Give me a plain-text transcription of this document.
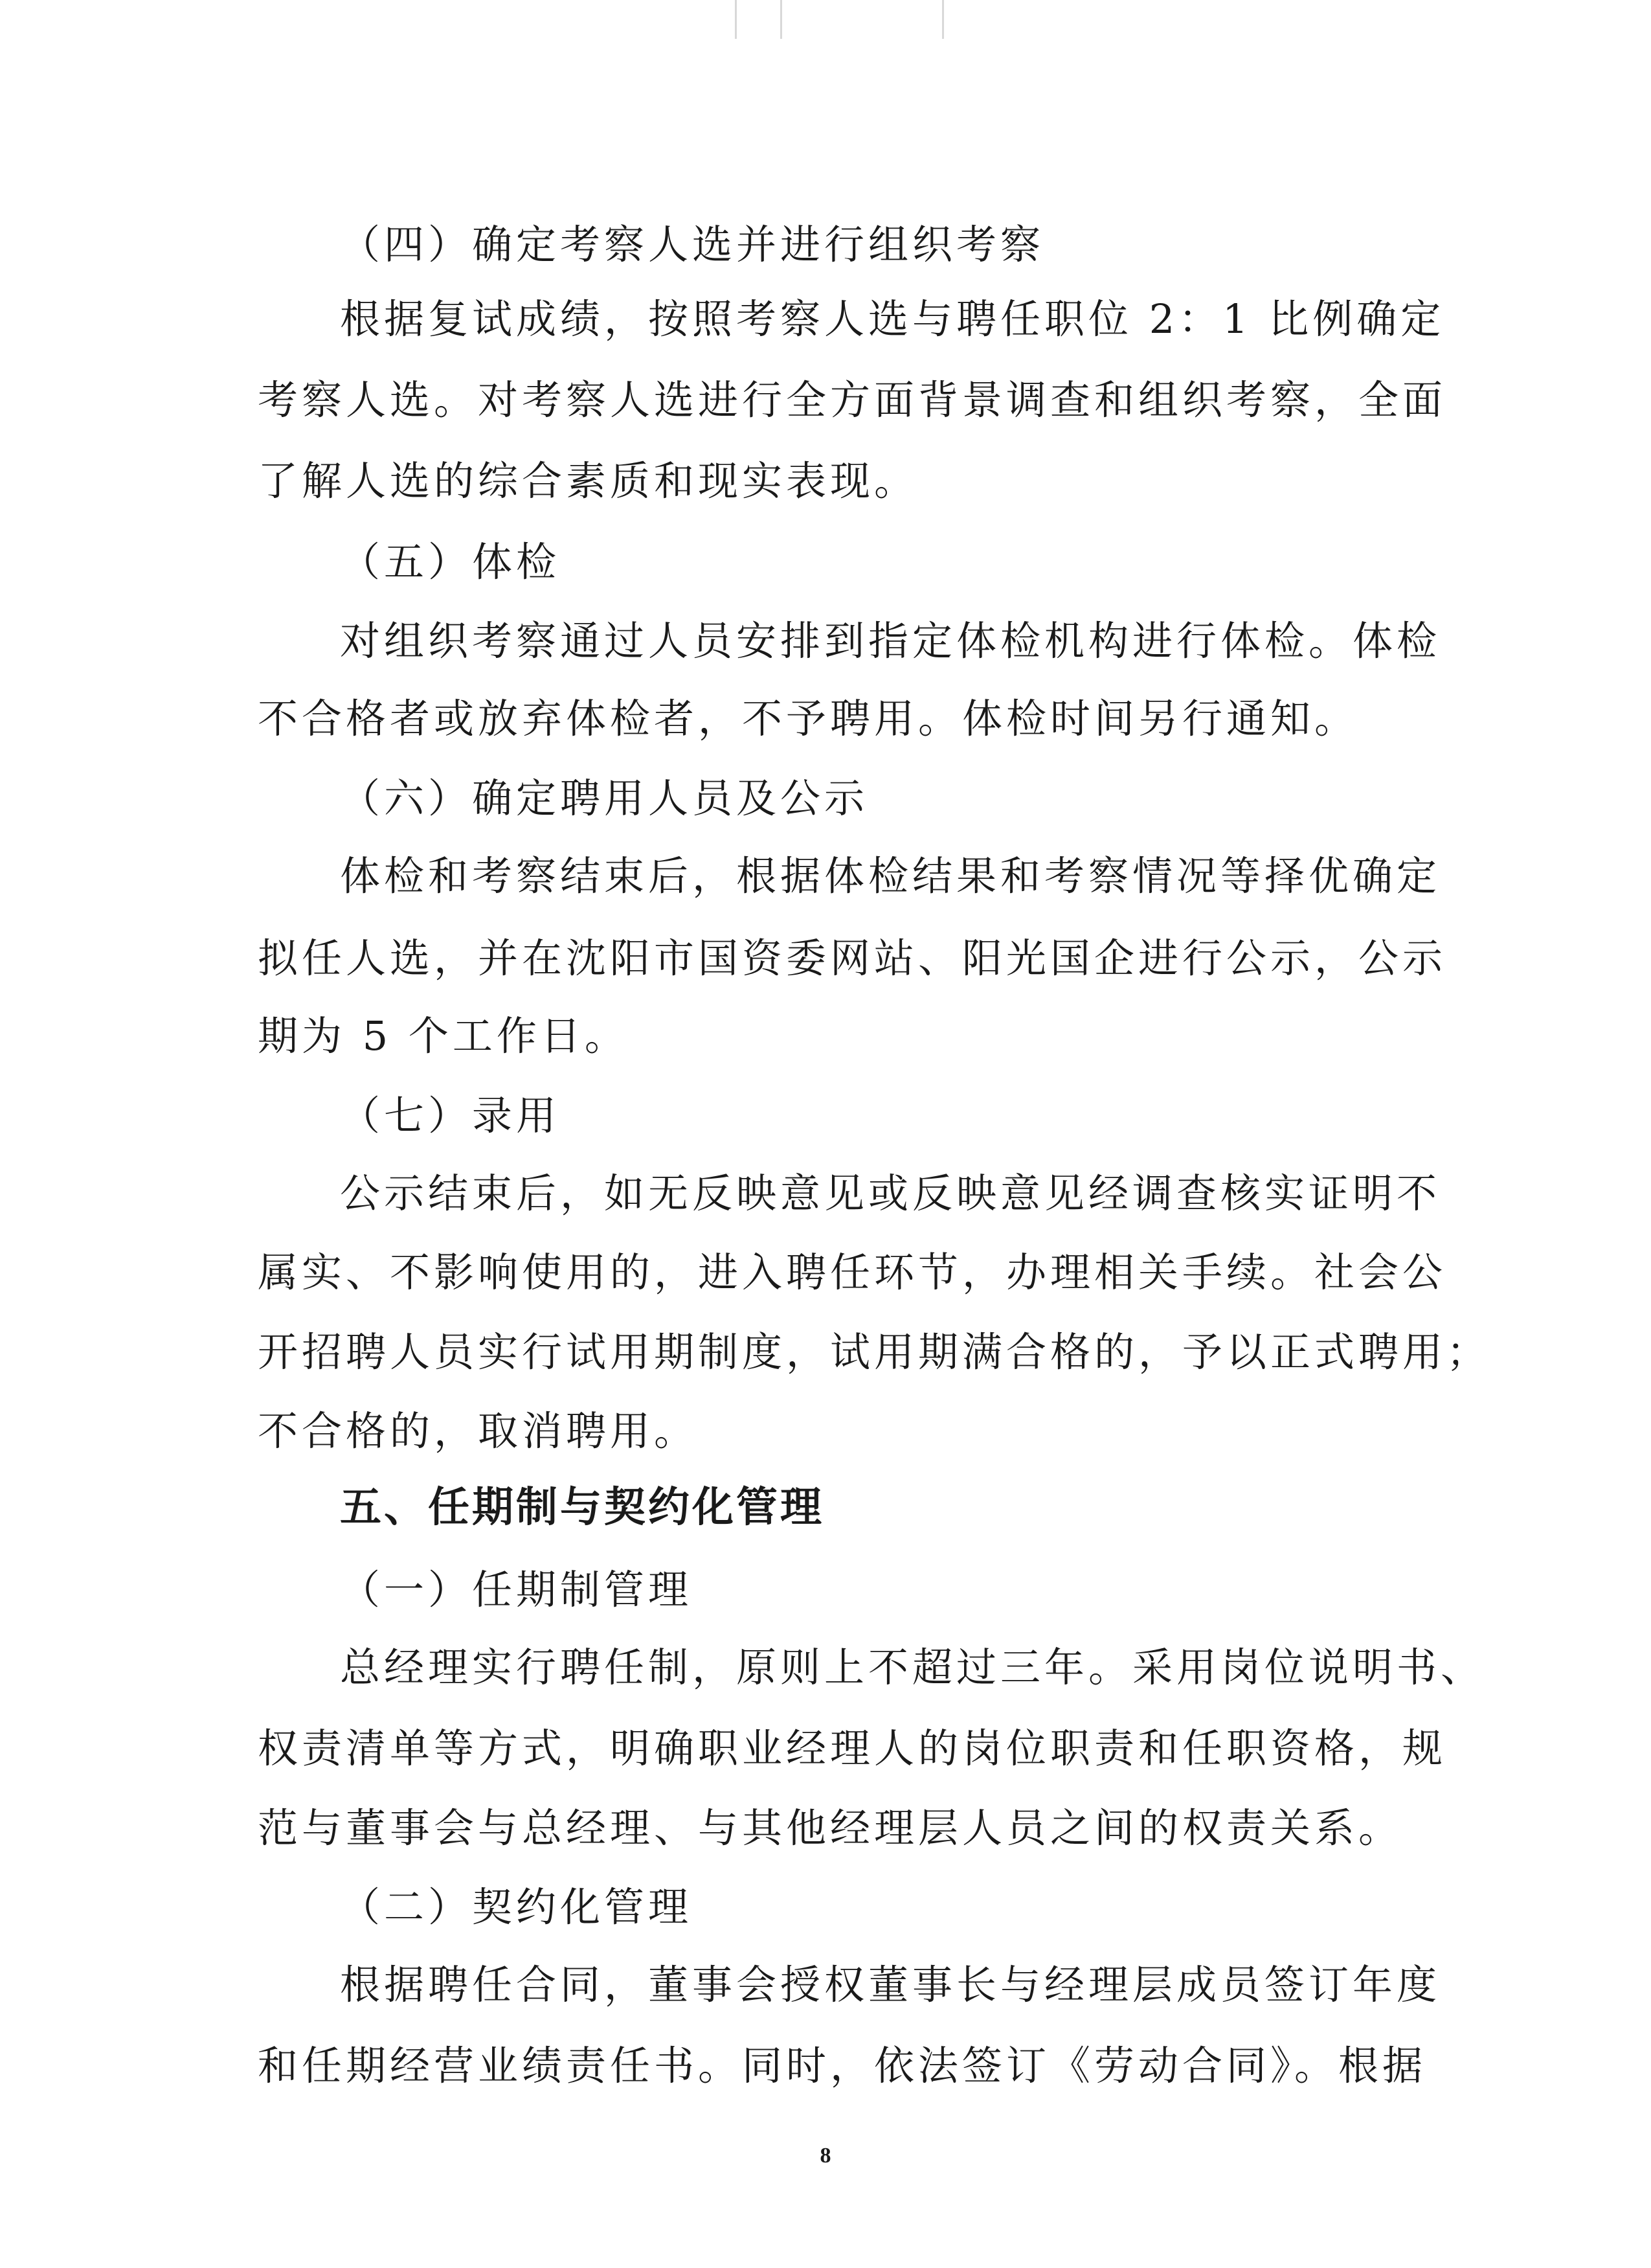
（四）确定考察人选并进行组织考察
根据复试成绩，按照考察人选与聘任职位 2：1 比例确定
考察人选。对考察人选进行全方面背景调查和组织考察，全面
了解人选的综合素质和现实表现。
（五）体检
对组织考察通过人员安排到指定体检机构进行体检。体检
不合格者或放弃体检者，不予聘用。体检时间另行通知。
（六）确定聘用人员及公示
体检和考察结束后，根据体检结果和考察情况等择优确定
拟任人选，并在沈阳市国资委网站、阳光国企进行公示，公示
期为 5 个工作日。
（七）录用
公示结束后，如无反映意见或反映意见经调查核实证明不
属实、不影响使用的，进入聘任环节，办理相关手续。社会公
开招聘人员实行试用期制度，试用期满合格的，予以正式聘用；
不合格的，取消聘用。
五、任期制与契约化管理
（一）任期制管理
总经理实行聘任制，原则上不超过三年。采用岗位说明书、
权责清单等方式，明确职业经理人的岗位职责和任职资格，规
范与董事会与总经理、与其他经理层人员之间的权责关系。
（二）契约化管理
根据聘任合同，董事会授权董事长与经理层成员签订年度
和任期经营业绩责任书。同时，依法签订《劳动合同》。根据
8
